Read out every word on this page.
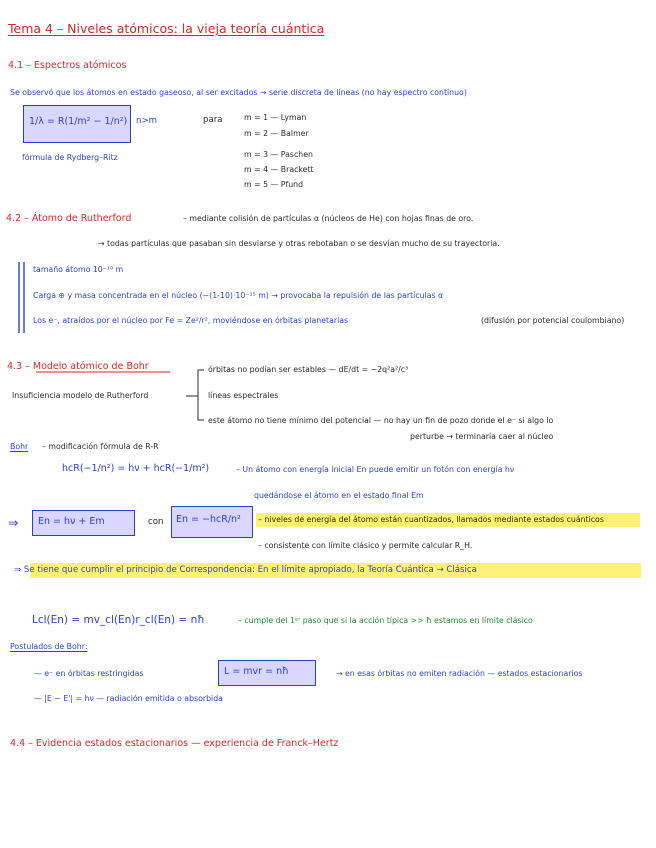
Tema 4 – Niveles atómicos: la vieja teoría cuántica
4.1 – Espectros atómicos
Se observó que los átomos en estado gaseoso, al ser excitados → serie discreta de líneas (no hay espectro continuo)
1/λ = R(1/m² − 1/n²) n>m
fórmula de Rydberg–Ritz
para	m = 1 — Lyman
m = 2 — Balmer
m = 3 — Paschen
m = 4 — Brackett
m = 5 — Pfund
4.2 – Átomo de Rutherford	– mediante colisión de partículas α (núcleos de He) con hojas finas de oro.
→ todas partículas que pasaban sin desviarse y otras rebotaban o se desvían mucho de su trayectoria.
tamaño átomo 10⁻¹⁰ m
Carga ⊕ y masa concentrada en el núcleo (~(1-10)·10⁻¹⁵ m) → provocaba la repulsión de las partículas α
Los e⁻, atraídos por el núcleo por Fe = Ze²/r², moviéndose en órbitas planetarias	(difusión por potencial coulombiano)
4.3 – Modelo atómico de Bohr
Insuficiencia modelo de Rutherford
órbitas no podían ser estables — dE/dt = −2q²a²/c³
líneas espectrales
este átomo no tiene mínimo del potencial — no hay un fin de pozo donde el e⁻ si algo lo
perturbe → terminaría caer al núcleo
Bohr – modificación fórmula de R-R
hcR(−1/n²) = hν + hcR(−1/m²)	– Un átomo con energía inicial En puede emitir un fotón con energía hν
quedándose el átomo en el estado final Em
⇒ En = hν + Em	con En = −hcR/n² – niveles de energía del átomo están cuantizados, llamados mediante estados cuánticos
– consistente con límite clásico y permite calcular R_H.
⇒ Se tiene que cumplir el principio de Correspondencia: En el límite apropiado, la Teoría Cuántica → Clásica
Lcl(En) = mv_cl(En)r_cl(En) = nħ	– cumple del 1ᵉʳ paso que si la acción típica >> ħ estamos en límite clásico
Postulados de Bohr:
— e⁻ en órbitas restringidas	L = mvr = nħ	→ en esas órbitas no emiten radiación — estados estacionarios
— |E − E'| = hν — radiación emitida o absorbida
4.4 – Evidencia estados estacionarios — experiencia de Franck–Hertz
